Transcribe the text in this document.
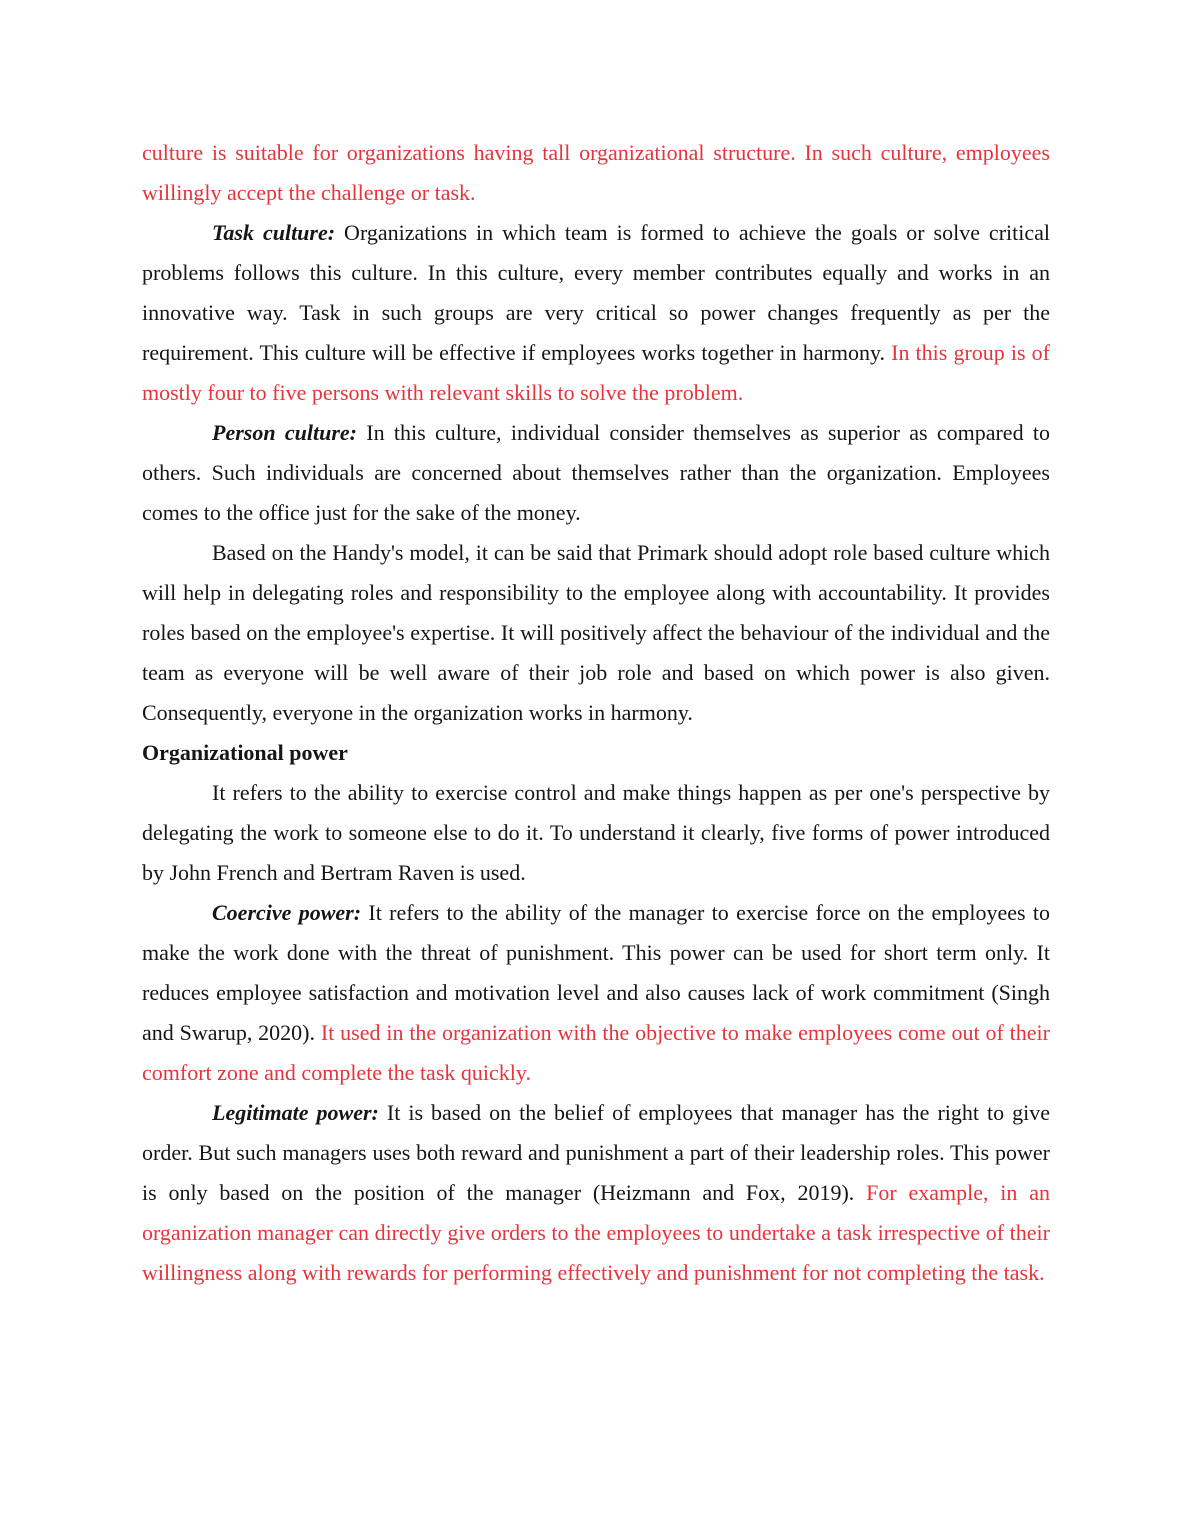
culture is suitable for organizations having tall organizational structure. In such culture, employees willingly accept the challenge or task.

Task culture: Organizations in which team is formed to achieve the goals or solve critical problems follows this culture. In this culture, every member contributes equally and works in an innovative way. Task in such groups are very critical so power changes frequently as per the requirement. This culture will be effective if employees works together in harmony. In this group is of mostly four to five persons with relevant skills to solve the problem.

Person culture: In this culture, individual consider themselves as superior as compared to others. Such individuals are concerned about themselves rather than the organization. Employees comes to the office just for the sake of the money.

Based on the Handy's model, it can be said that Primark should adopt role based culture which will help in delegating roles and responsibility to the employee along with accountability. It provides roles based on the employee's expertise. It will positively affect the behaviour of the individual and the team as everyone will be well aware of their job role and based on which power is also given. Consequently, everyone in the organization works in harmony.

Organizational power

It refers to the ability to exercise control and make things happen as per one's perspective by delegating the work to someone else to do it. To understand it clearly, five forms of power introduced by John French and Bertram Raven is used.

Coercive power: It refers to the ability of the manager to exercise force on the employees to make the work done with the threat of punishment. This power can be used for short term only. It reduces employee satisfaction and motivation level and also causes lack of work commitment (Singh and Swarup, 2020). It used in the organization with the objective to make employees come out of their comfort zone and complete the task quickly.

Legitimate power: It is based on the belief of employees that manager has the right to give order. But such managers uses both reward and punishment a part of their leadership roles. This power is only based on the position of the manager (Heizmann and Fox, 2019). For example, in an organization manager can directly give orders to the employees to undertake a task irrespective of their willingness along with rewards for performing effectively and punishment for not completing the task.
